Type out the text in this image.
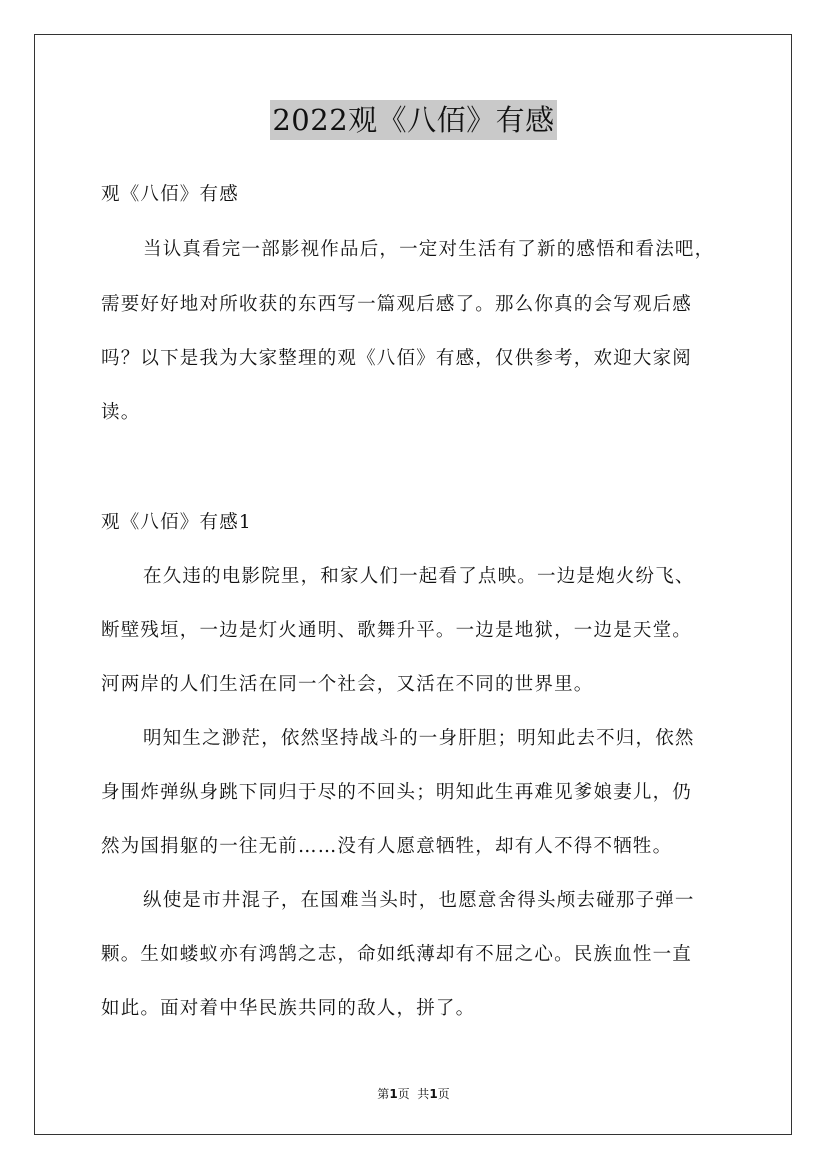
2022观《八佰》有感
观《八佰》有感
当认真看完一部影视作品后，一定对生活有了新的感悟和看法吧，
需要好好地对所收获的东西写一篇观后感了。那么你真的会写观后感
吗？以下是我为大家整理的观《八佰》有感，仅供参考，欢迎大家阅
读。
观《八佰》有感1
在久违的电影院里，和家人们一起看了点映。一边是炮火纷飞、
断壁残垣，一边是灯火通明、歌舞升平。一边是地狱，一边是天堂。
河两岸的人们生活在同一个社会，又活在不同的世界里。
明知生之渺茫，依然坚持战斗的一身肝胆；明知此去不归，依然
身围炸弹纵身跳下同归于尽的不回头；明知此生再难见爹娘妻儿，仍
然为国捐躯的一往无前……没有人愿意牺牲，却有人不得不牺牲。
纵使是市井混子，在国难当头时，也愿意舍得头颅去碰那子弹一
颗。生如蝼蚁亦有鸿鹄之志，命如纸薄却有不屈之心。民族血性一直
如此。面对着中华民族共同的敌人，拼了。
第1页  共1页
